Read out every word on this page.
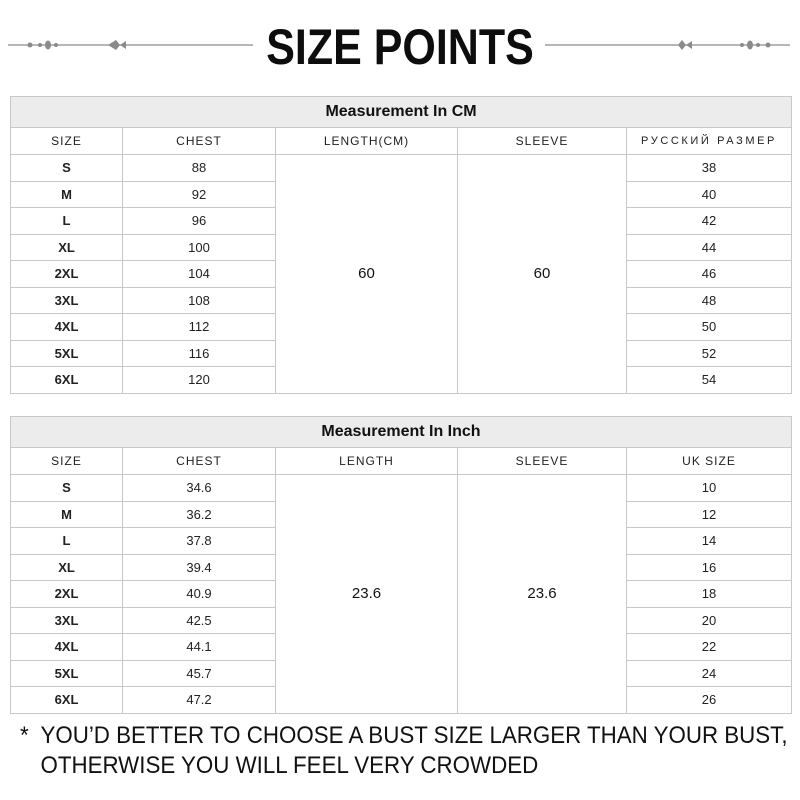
SIZE POINTS
Measurement In CM				
SIZE	CHEST	LENGTH(CM)	SLEEVE	РУССКИЙ РАЗМЕР
S	88	60	60	38
M	92			40
L	96			42
XL	100			44
2XL	104			46
3XL	108			48
4XL	112			50
5XL	116			52
6XL	120			54
Measurement In Inch				
SIZE	CHEST	LENGTH	SLEEVE	UK SIZE
S	34.6	23.6	23.6	10
M	36.2			12
L	37.8			14
XL	39.4			16
2XL	40.9			18
3XL	42.5			20
4XL	44.1			22
5XL	45.7			24
6XL	47.2			26
* YOU’D BETTER TO CHOOSE A BUST SIZE LARGER THAN YOUR BUST,
OTHERWISE YOU WILL FEEL VERY CROWDED
